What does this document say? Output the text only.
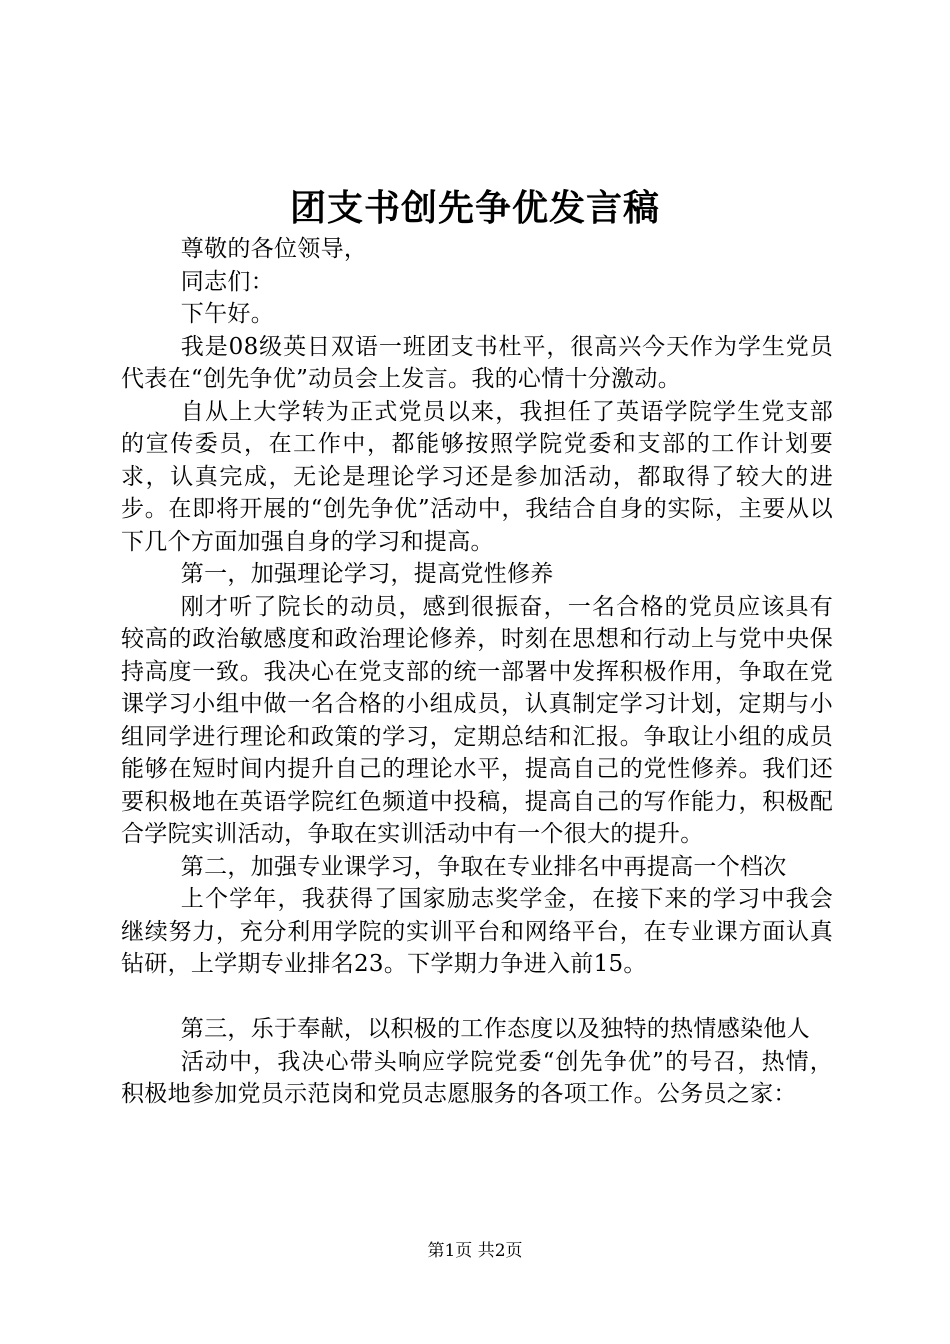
团支书创先争优发言稿

尊敬的各位领导，

同志们：

下午好。

我是08级英日双语一班团支书杜平，很高兴今天作为学生党员代表在“创先争优”动员会上发言。我的心情十分激动。

自从上大学转为正式党员以来，我担任了英语学院学生党支部的宣传委员，在工作中，都能够按照学院党委和支部的工作计划要求，认真完成，无论是理论学习还是参加活动，都取得了较大的进步。在即将开展的“创先争优”活动中，我结合自身的实际，主要从以下几个方面加强自身的学习和提高。

第一，加强理论学习，提高党性修养

刚才听了院长的动员，感到很振奋，一名合格的党员应该具有较高的政治敏感度和政治理论修养，时刻在思想和行动上与党中央保持高度一致。我决心在党支部的统一部署中发挥积极作用，争取在党课学习小组中做一名合格的小组成员，认真制定学习计划，定期与小组同学进行理论和政策的学习，定期总结和汇报。争取让小组的成员能够在短时间内提升自己的理论水平，提高自己的党性修养。我们还要积极地在英语学院红色频道中投稿，提高自己的写作能力，积极配合学院实训活动，争取在实训活动中有一个很大的提升。

第二，加强专业课学习，争取在专业排名中再提高一个档次

上个学年，我获得了国家励志奖学金，在接下来的学习中我会继续努力，充分利用学院的实训平台和网络平台，在专业课方面认真钻研，上学期专业排名23。下学期力争进入前15。

第三，乐于奉献，以积极的工作态度以及独特的热情感染他人

活动中，我决心带头响应学院党委“创先争优”的号召，热情，积极地参加党员示范岗和党员志愿服务的各项工作。公务员之家：

第1页 共2页
